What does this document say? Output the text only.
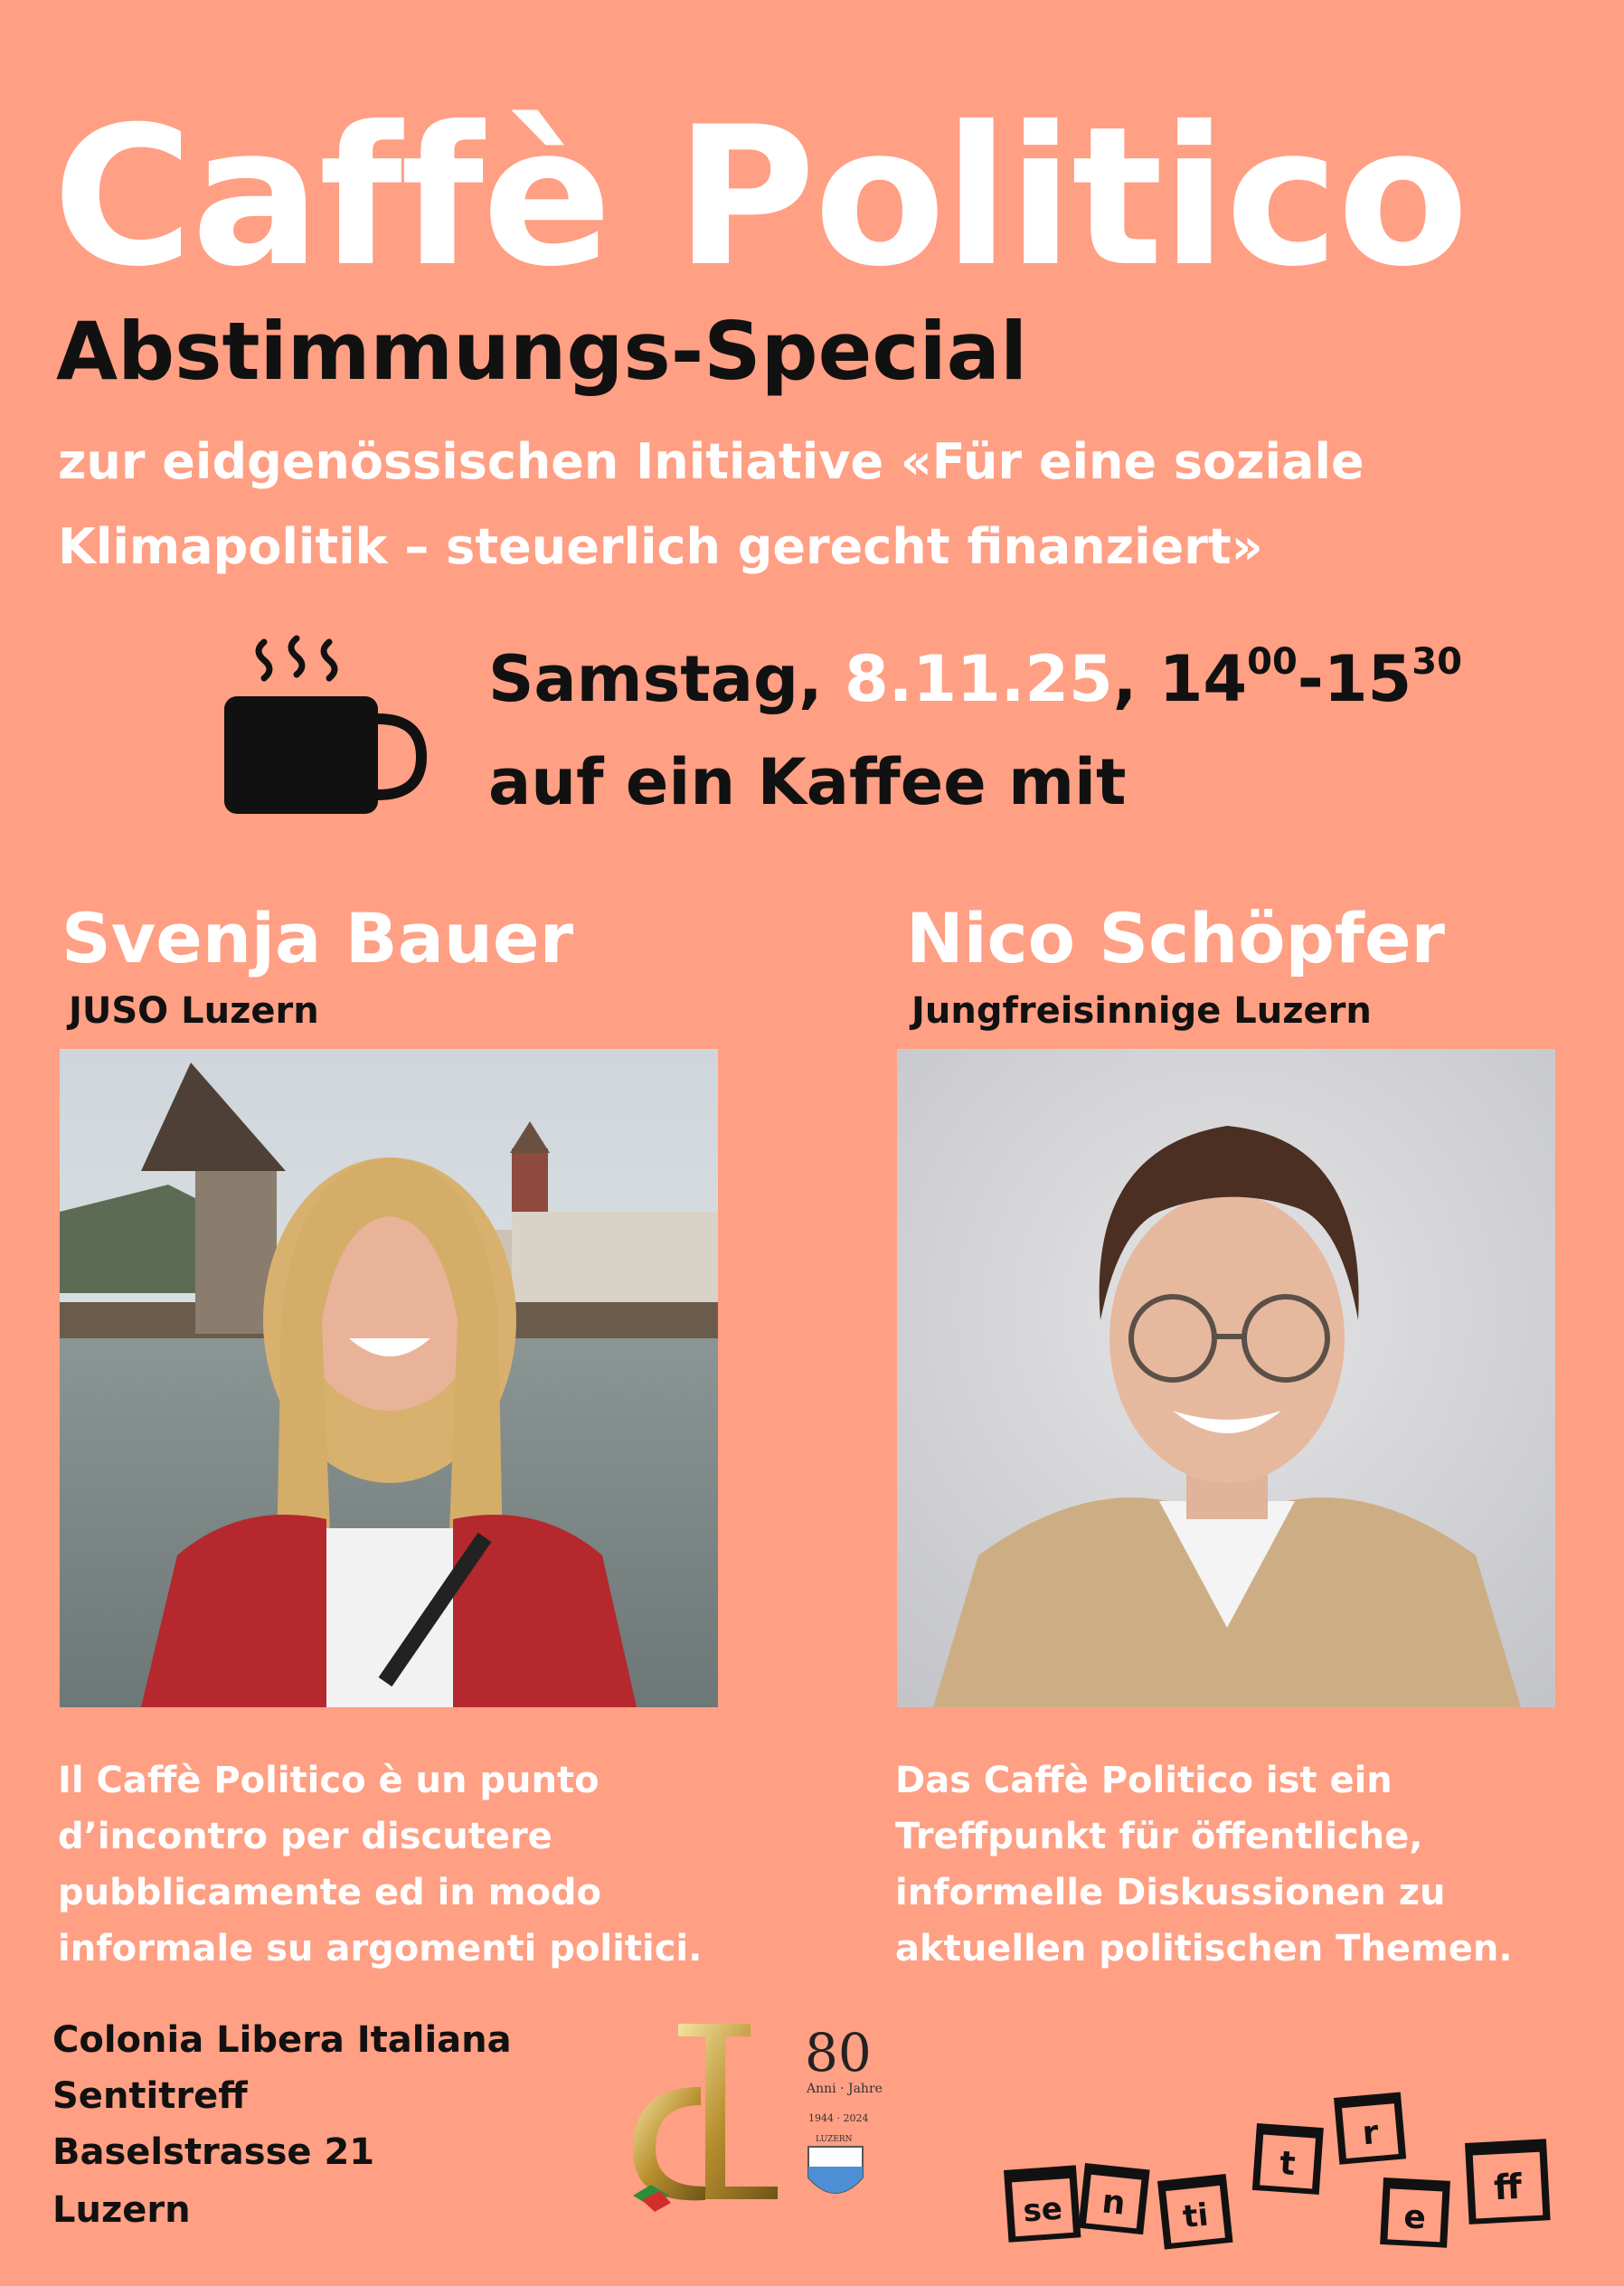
Caffè Politico
Abstimmungs-Special
zur eidgenössischen Initiative «Für eine soziale
Klimapolitik – steuerlich gerecht finanziert»
Samstag, 8.11.25, $14^{00}-15^{30}$
auf ein Kaffee mit
Svenja Bauer
JUSO Luzern
Nico Schöpfer
Jungfreisinnige Luzern
Il Caffè Politico è un punto
d’incontro per discutere
pubblicamente ed in modo
informale su argomenti politici.
Das Caffè Politico ist ein
Treffpunkt für öffentliche,
informelle Diskussionen zu
aktuellen politischen Themen.
Colonia Libera Italiana
Sentitreff
Baselstrasse 21
Luzern
80
Anni · Jahre
1944 · 2024
LUZERN
se n ti
t
r
e
ff
